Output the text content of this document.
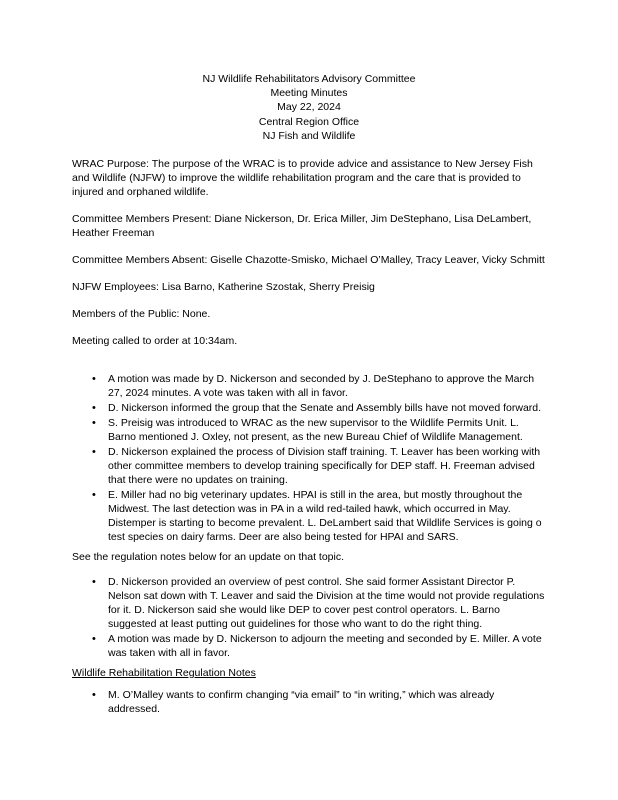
NJ Wildlife Rehabilitators Advisory Committee
Meeting Minutes
May 22, 2024
Central Region Office
NJ Fish and Wildlife

WRAC Purpose: The purpose of the WRAC is to provide advice and assistance to New Jersey Fish and Wildlife (NJFW) to improve the wildlife rehabilitation program and the care that is provided to injured and orphaned wildlife.

Committee Members Present: Diane Nickerson, Dr. Erica Miller, Jim DeStephano, Lisa DeLambert, Heather Freeman

Committee Members Absent: Giselle Chazotte-Smisko, Michael O’Malley, Tracy Leaver, Vicky Schmitt

NJFW Employees: Lisa Barno, Katherine Szostak, Sherry Preisig

Members of the Public: None.

Meeting called to order at 10:34am.

• A motion was made by D. Nickerson and seconded by J. DeStephano to approve the March 27, 2024 minutes. A vote was taken with all in favor.
• D. Nickerson informed the group that the Senate and Assembly bills have not moved forward.
• S. Preisig was introduced to WRAC as the new supervisor to the Wildlife Permits Unit. L. Barno mentioned J. Oxley, not present, as the new Bureau Chief of Wildlife Management.
• D. Nickerson explained the process of Division staff training. T. Leaver has been working with other committee members to develop training specifically for DEP staff. H. Freeman advised that there were no updates on training.
• E. Miller had no big veterinary updates. HPAI is still in the area, but mostly throughout the Midwest. The last detection was in PA in a wild red-tailed hawk, which occurred in May. Distemper is starting to become prevalent. L. DeLambert said that Wildlife Services is going o test species on dairy farms. Deer are also being tested for HPAI and SARS.

See the regulation notes below for an update on that topic.

• D. Nickerson provided an overview of pest control. She said former Assistant Director P. Nelson sat down with T. Leaver and said the Division at the time would not provide regulations for it. D. Nickerson said she would like DEP to cover pest control operators. L. Barno suggested at least putting out guidelines for those who want to do the right thing.
• A motion was made by D. Nickerson to adjourn the meeting and seconded by E. Miller. A vote was taken with all in favor.
Wildlife Rehabilitation Regulation Notes
• M. O’Malley wants to confirm changing “via email” to “in writing,” which was already addressed.
